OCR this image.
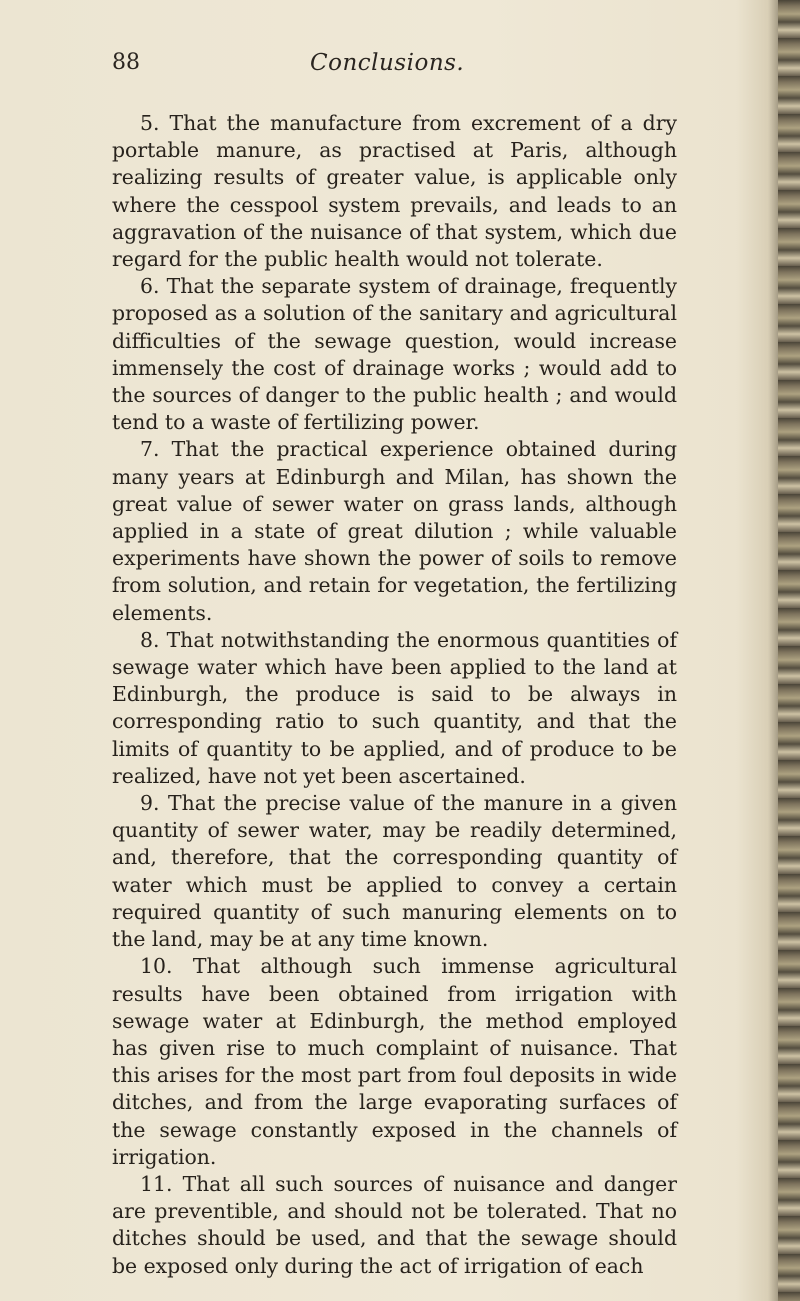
88	Conclusions.

5. That the manufacture from excrement of a dry portable manure, as practised at Paris, although realizing results of greater value, is applicable only where the cesspool system prevails, and leads to an aggravation of the nuisance of that system, which due regard for the public health would not tolerate.

6. That the separate system of drainage, frequently proposed as a solution of the sanitary and agricultural difficulties of the sewage question, would increase immensely the cost of drainage works ; would add to the sources of danger to the public health ; and would tend to a waste of fertilizing power.

7. That the practical experience obtained during many years at Edinburgh and Milan, has shown the great value of sewer water on grass lands, although applied in a state of great dilution ; while valuable experiments have shown the power of soils to remove from solution, and retain for vegetation, the fertilizing elements.

8. That notwithstanding the enormous quantities of sewage water which have been applied to the land at Edinburgh, the produce is said to be always in corresponding ratio to such quantity, and that the limits of quantity to be applied, and of produce to be realized, have not yet been ascertained.

9. That the precise value of the manure in a given quantity of sewer water, may be readily determined, and, therefore, that the corresponding quantity of water which must be applied to convey a certain required quantity of such manuring elements on to the land, may be at any time known.

10. That although such immense agricultural results have been obtained from irrigation with sewage water at Edinburgh, the method employed has given rise to much complaint of nuisance. That this arises for the most part from foul deposits in wide ditches, and from the large evaporating surfaces of the sewage constantly exposed in the channels of irrigation.

11. That all such sources of nuisance and danger are preventible, and should not be tolerated. That no ditches should be used, and that the sewage should be exposed only during the act of irrigation of each
